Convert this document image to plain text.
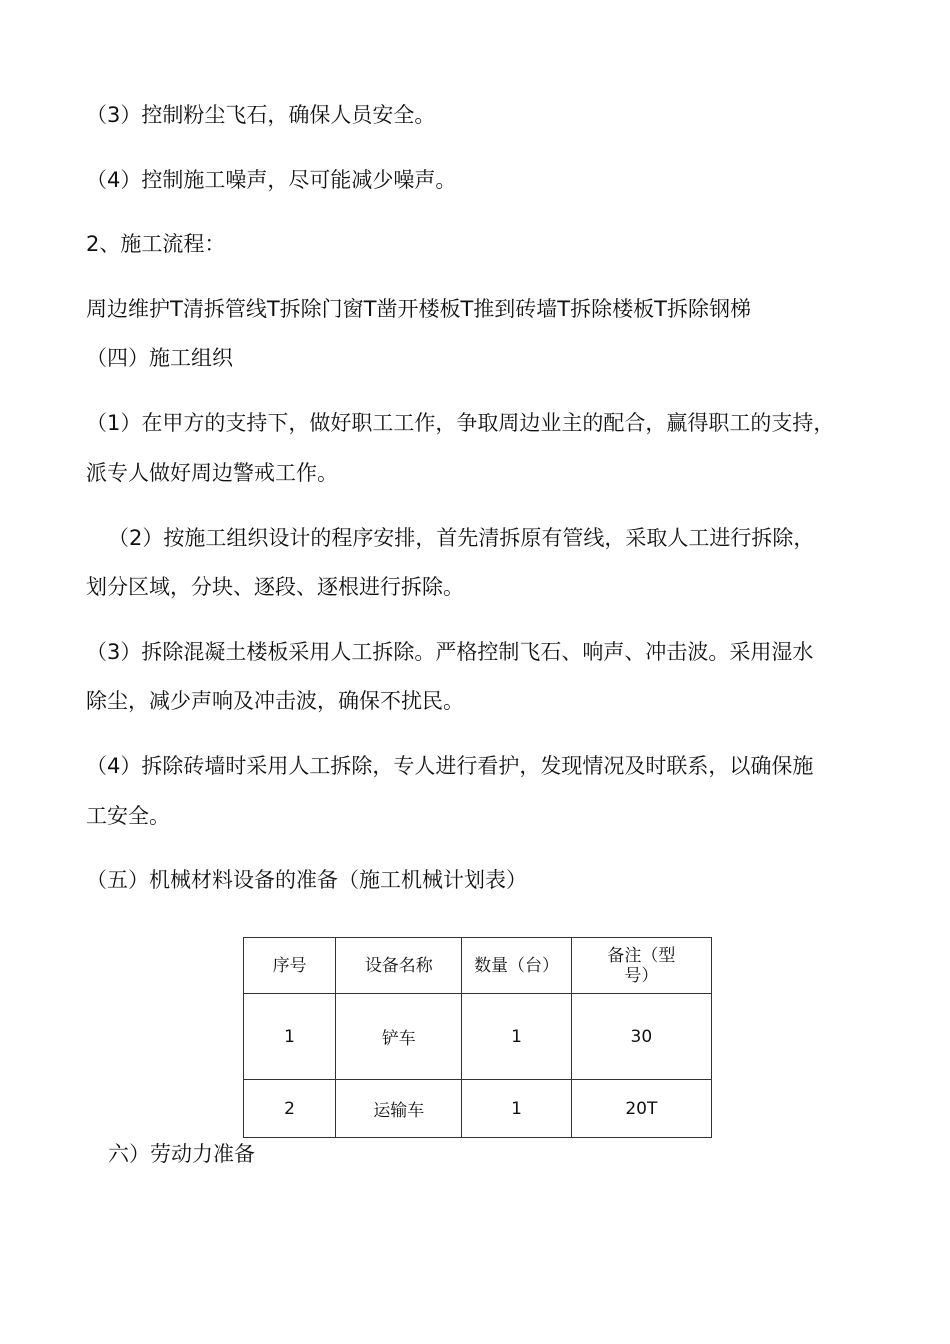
（3）控制粉尘飞石，确保人员安全。
（4）控制施工噪声，尽可能减少噪声。
2、施工流程：
周边维护T清拆管线T拆除门窗T凿开楼板T推到砖墙T拆除楼板T拆除钢梯
（四）施工组织
（1）在甲方的支持下，做好职工工作，争取周边业主的配合，赢得职工的支持，
派专人做好周边警戒工作。
（2）按施工组织设计的程序安排，首先清拆原有管线，采取人工进行拆除，
划分区域，分块、逐段、逐根进行拆除。
（3）拆除混凝土楼板采用人工拆除。严格控制飞石、响声、冲击波。采用湿水
除尘，减少声响及冲击波，确保不扰民。
（4）拆除砖墙时采用人工拆除，专人进行看护，发现情况及时联系，以确保施
工安全。
（五）机械材料设备的准备（施工机械计划表）
序号	设备名称	数量（台）	备注（型
号）

1	铲车	1	30
2	运输车	1	20T
六）劳动力准备
